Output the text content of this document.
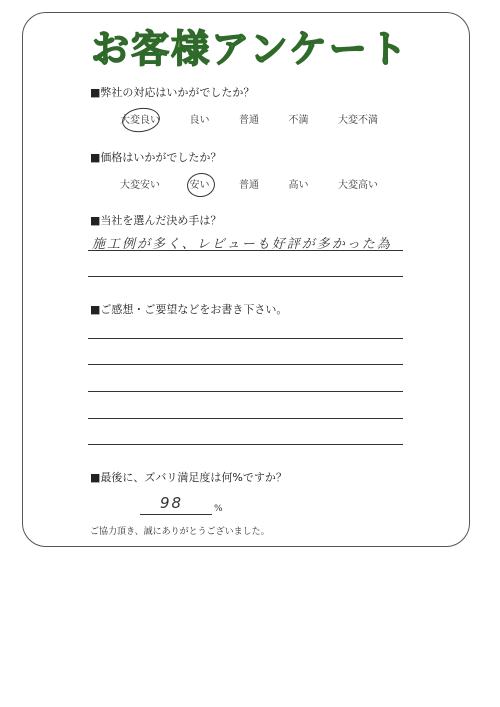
お客様アンケート
■弊社の対応はいかがでしたか？
大変良い	良い	普通	不満	大変不満
■価格はいかがでしたか？
大変安い	安い	普通	高い	大変高い
■当社を選んだ決め手は？
施工例が多く、レビューも好評が多かった為
■ご感想・ご要望などをお書き下さい。
■最後に、ズバリ満足度は何%ですか？
98	%
ご協力頂き、誠にありがとうございました。
